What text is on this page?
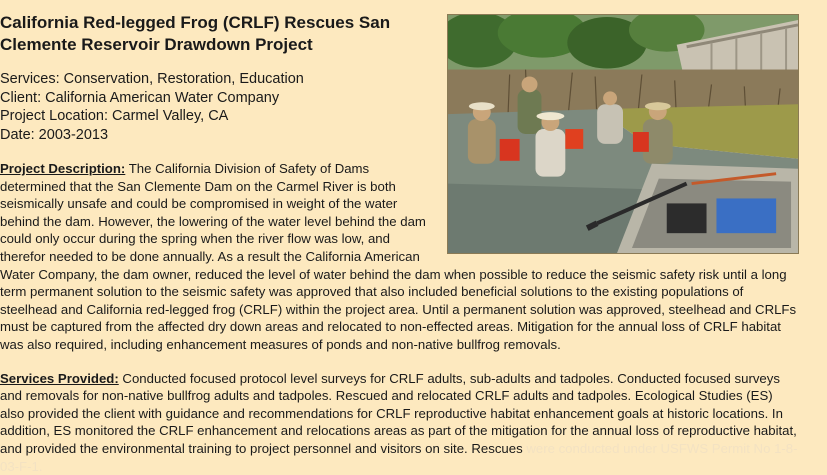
California Red-legged Frog (CRLF) Rescues San Clemente Reservoir Drawdown Project
Services: Conservation, Restoration, Education
Client: California American Water Company
Project Location: Carmel Valley, CA
Date: 2003-2013
Project Description: The California Division of Safety of Dams determined that the San Clemente Dam on the Carmel River is both seismically unsafe and could be compromised in weight of the water behind the dam. However, the lowering of the water level behind the dam could only occur during the spring when the river flow was low, and therefor needed to be done annually. As a result the California American Water Company, the dam owner, reduced the level of water behind the dam when possible to reduce the seismic safety risk until a long term permanent solution to the seismic safety was approved that also included beneficial solutions to the existing populations of steelhead and California red-legged frog (CRLF) within the project area. Until a permanent solution was approved, steelhead and CRLFs must be captured from the affected dry down areas and relocated to non-effected areas. Mitigation for the annual loss of CRLF habitat was also required, including enhancement measures of ponds and non-native bullfrog removals.
Services Provided: Conducted focused protocol level surveys for CRLF adults, sub-adults and tadpoles. Conducted focused surveys and removals for non-native bullfrog adults and tadpoles. Rescued and relocated CRLF adults and tadpoles. Ecological Studies (ES) also provided the client with guidance and recommendations for CRLF reproductive habitat enhancement goals at historic locations. In addition, ES monitored the CRLF enhancement and relocations areas as part of the mitigation for the annual loss of reproductive habitat, and provided the environmental training to project personnel and visitors on site. Rescues were conducted under USFWS Permit No 1-8-03-F-1.
